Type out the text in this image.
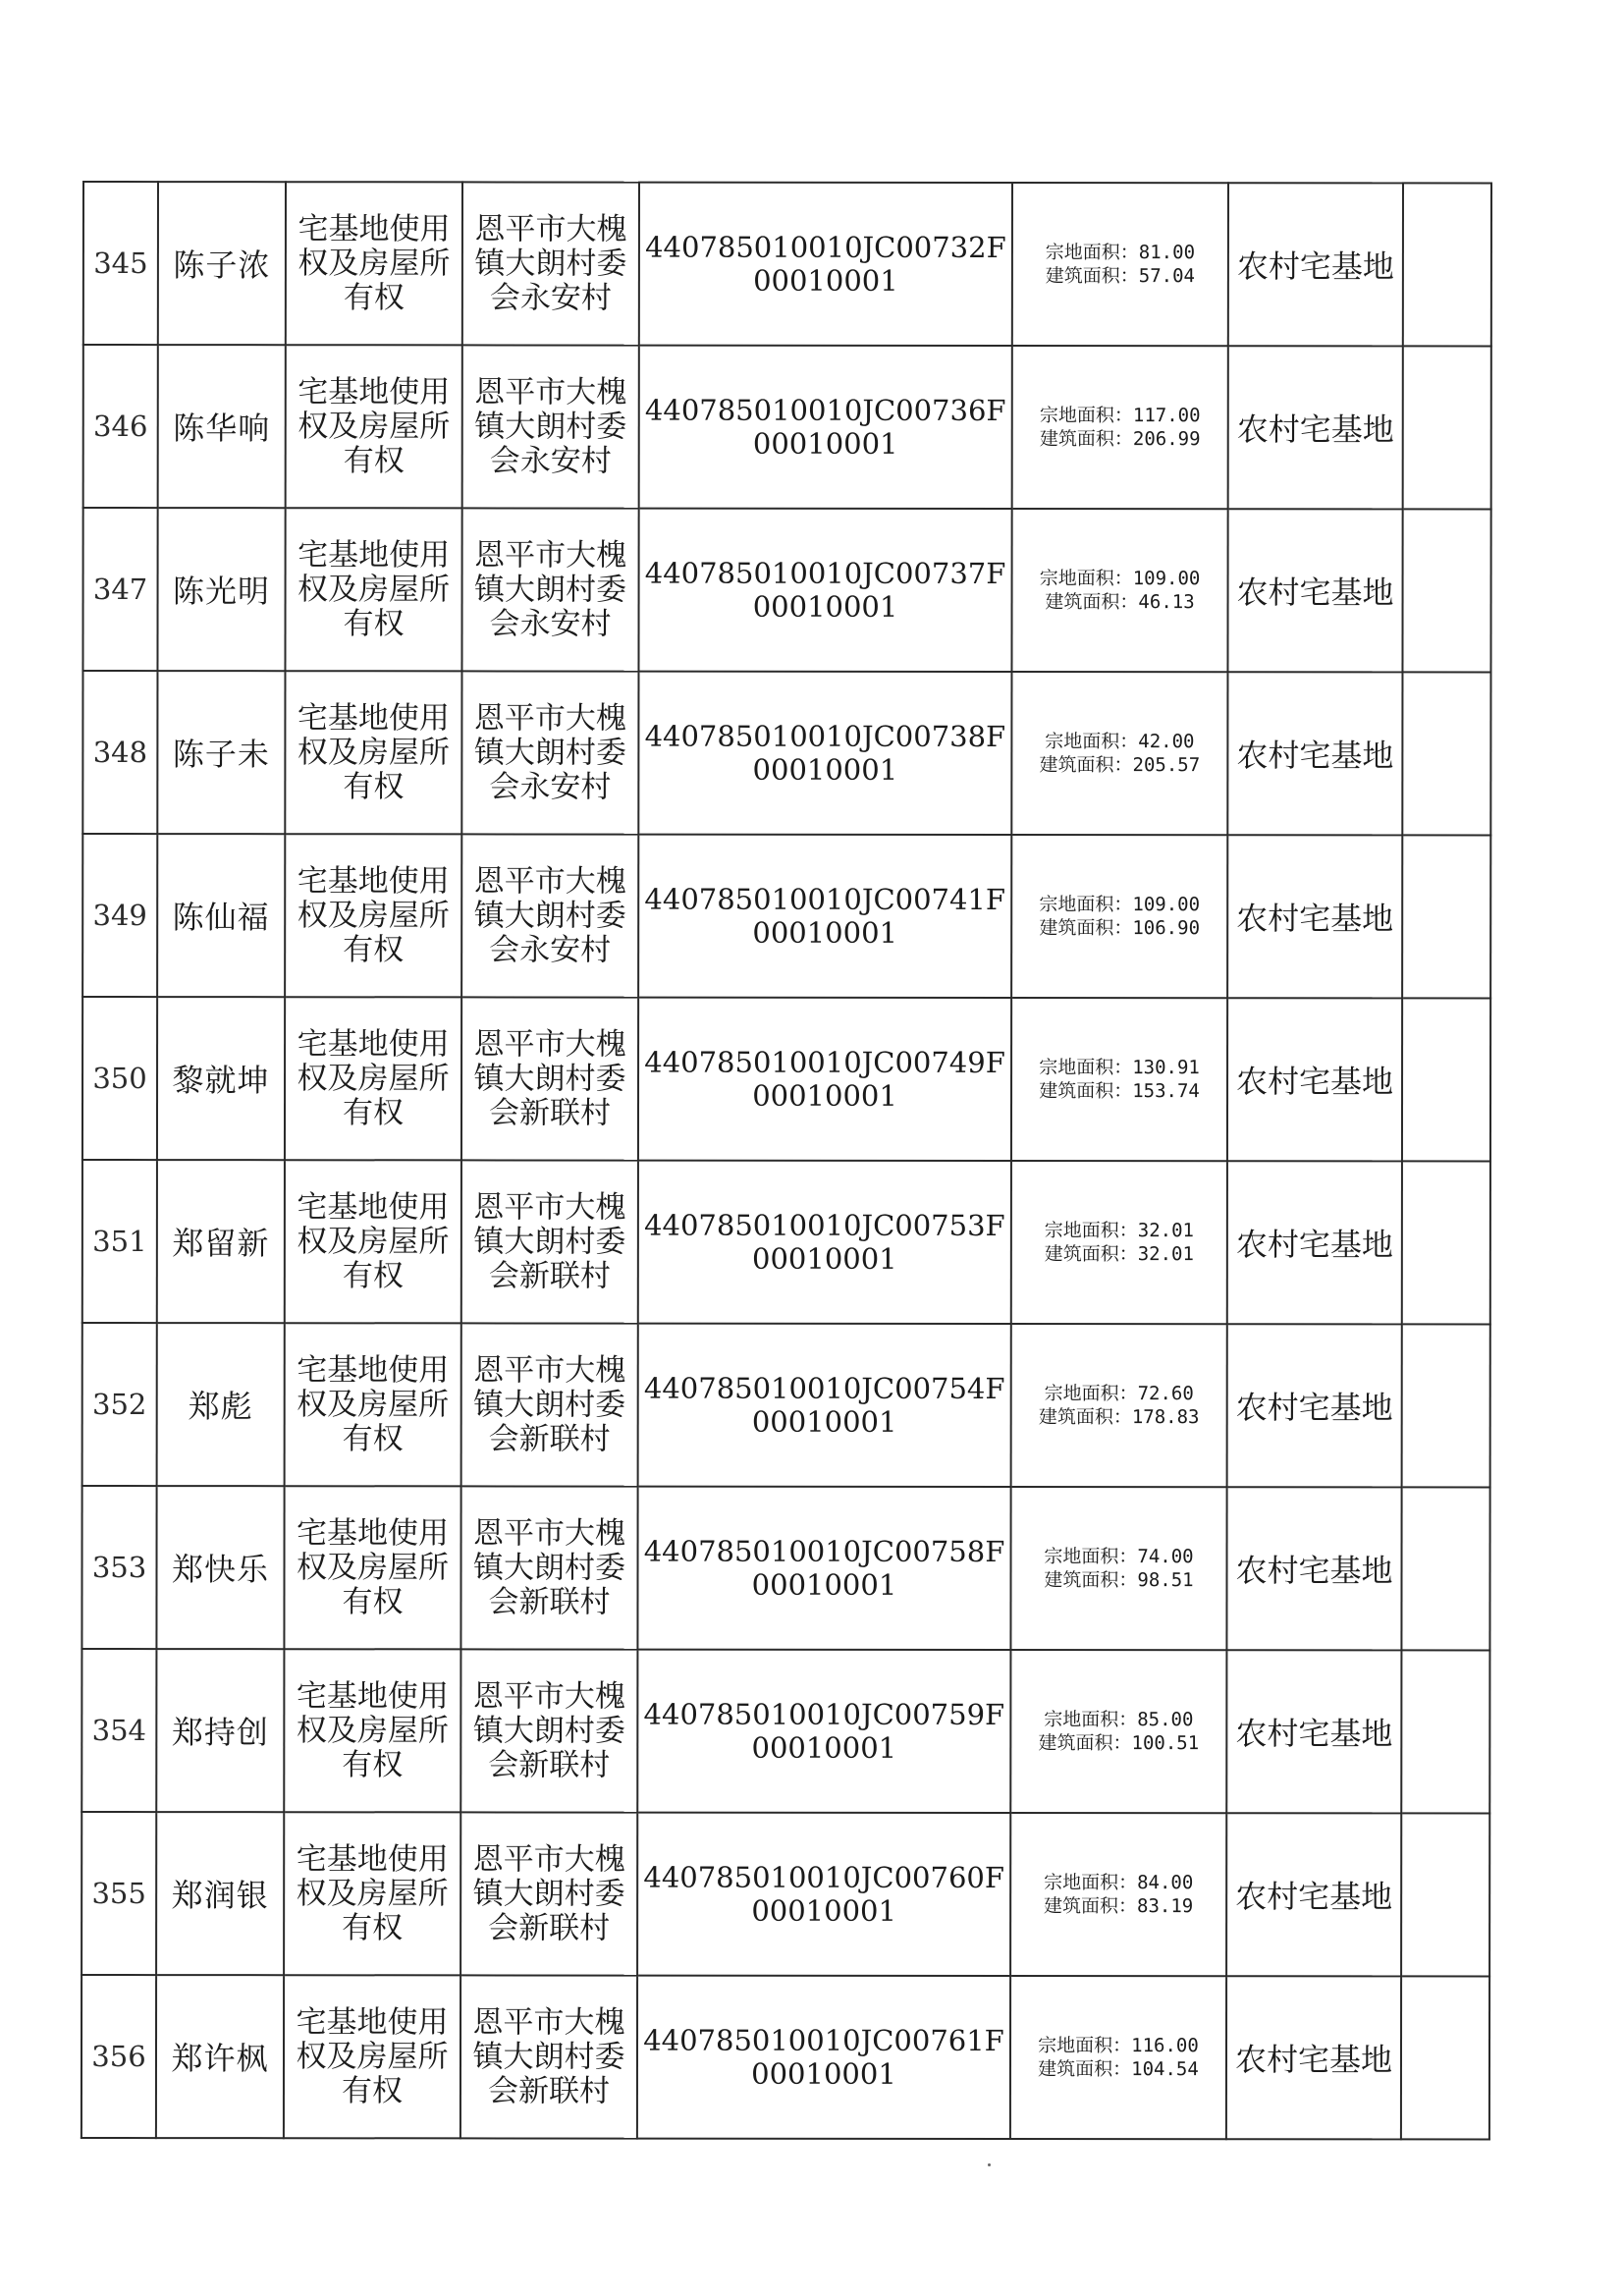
345	陈子浓	宅基地使用权及房屋所有权	恩平市大槐镇大朗村委会永安村	440785010010JC00732F00010001	宗地面积：81.00
建筑面积：57.04	农村宅基地	
346	陈华响	宅基地使用权及房屋所有权	恩平市大槐镇大朗村委会永安村	440785010010JC00736F00010001	宗地面积：117.00
建筑面积：206.99	农村宅基地	
347	陈光明	宅基地使用权及房屋所有权	恩平市大槐镇大朗村委会永安村	440785010010JC00737F00010001	宗地面积：109.00
建筑面积：46.13	农村宅基地	
348	陈子未	宅基地使用权及房屋所有权	恩平市大槐镇大朗村委会永安村	440785010010JC00738F00010001	宗地面积：42.00
建筑面积：205.57	农村宅基地	
349	陈仙福	宅基地使用权及房屋所有权	恩平市大槐镇大朗村委会永安村	440785010010JC00741F00010001	宗地面积：109.00
建筑面积：106.90	农村宅基地	
350	黎就坤	宅基地使用权及房屋所有权	恩平市大槐镇大朗村委会新联村	440785010010JC00749F00010001	宗地面积：130.91
建筑面积：153.74	农村宅基地	
351	郑留新	宅基地使用权及房屋所有权	恩平市大槐镇大朗村委会新联村	440785010010JC00753F00010001	宗地面积：32.01
建筑面积：32.01	农村宅基地	
352	郑彪	宅基地使用权及房屋所有权	恩平市大槐镇大朗村委会新联村	440785010010JC00754F00010001	宗地面积：72.60
建筑面积：178.83	农村宅基地	
353	郑快乐	宅基地使用权及房屋所有权	恩平市大槐镇大朗村委会新联村	440785010010JC00758F00010001	宗地面积：74.00
建筑面积：98.51	农村宅基地	
354	郑持创	宅基地使用权及房屋所有权	恩平市大槐镇大朗村委会新联村	440785010010JC00759F00010001	宗地面积：85.00
建筑面积：100.51	农村宅基地	
355	郑润银	宅基地使用权及房屋所有权	恩平市大槐镇大朗村委会新联村	440785010010JC00760F00010001	宗地面积：84.00
建筑面积：83.19	农村宅基地	
356	郑许枫	宅基地使用权及房屋所有权	恩平市大槐镇大朗村委会新联村	440785010010JC00761F00010001	宗地面积：116.00
建筑面积：104.54	农村宅基地	
